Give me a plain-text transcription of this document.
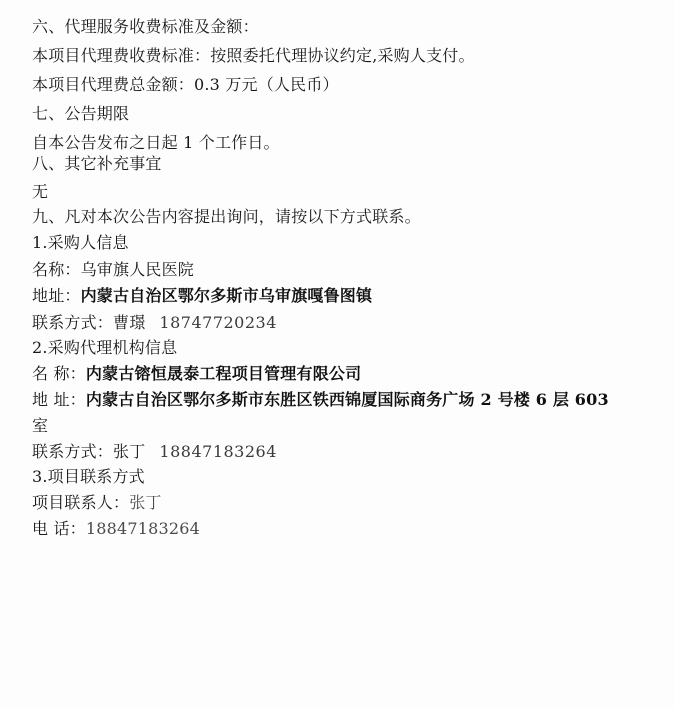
六、代理服务收费标准及金额：
本项目代理费收费标准：按照委托代理协议约定,采购人支付。
本项目代理费总金额：0.3 万元（人民币）
七、公告期限
自本公告发布之日起 1 个工作日。
八、其它补充事宜
无
九、凡对本次公告内容提出询问，请按以下方式联系。
1.采购人信息
名称：乌审旗人民医院
地址：内蒙古自治区鄂尔多斯市乌审旗嘎鲁图镇
联系方式：曹璟 18747720234
2.采购代理机构信息
名 称：内蒙古镕恒晟泰工程项目管理有限公司
地 址：内蒙古自治区鄂尔多斯市东胜区铁西锦厦国际商务广场 2 号楼 6 层 603
室
联系方式：张丁 18847183264
3.项目联系方式
项目联系人：张丁
电 话：18847183264
